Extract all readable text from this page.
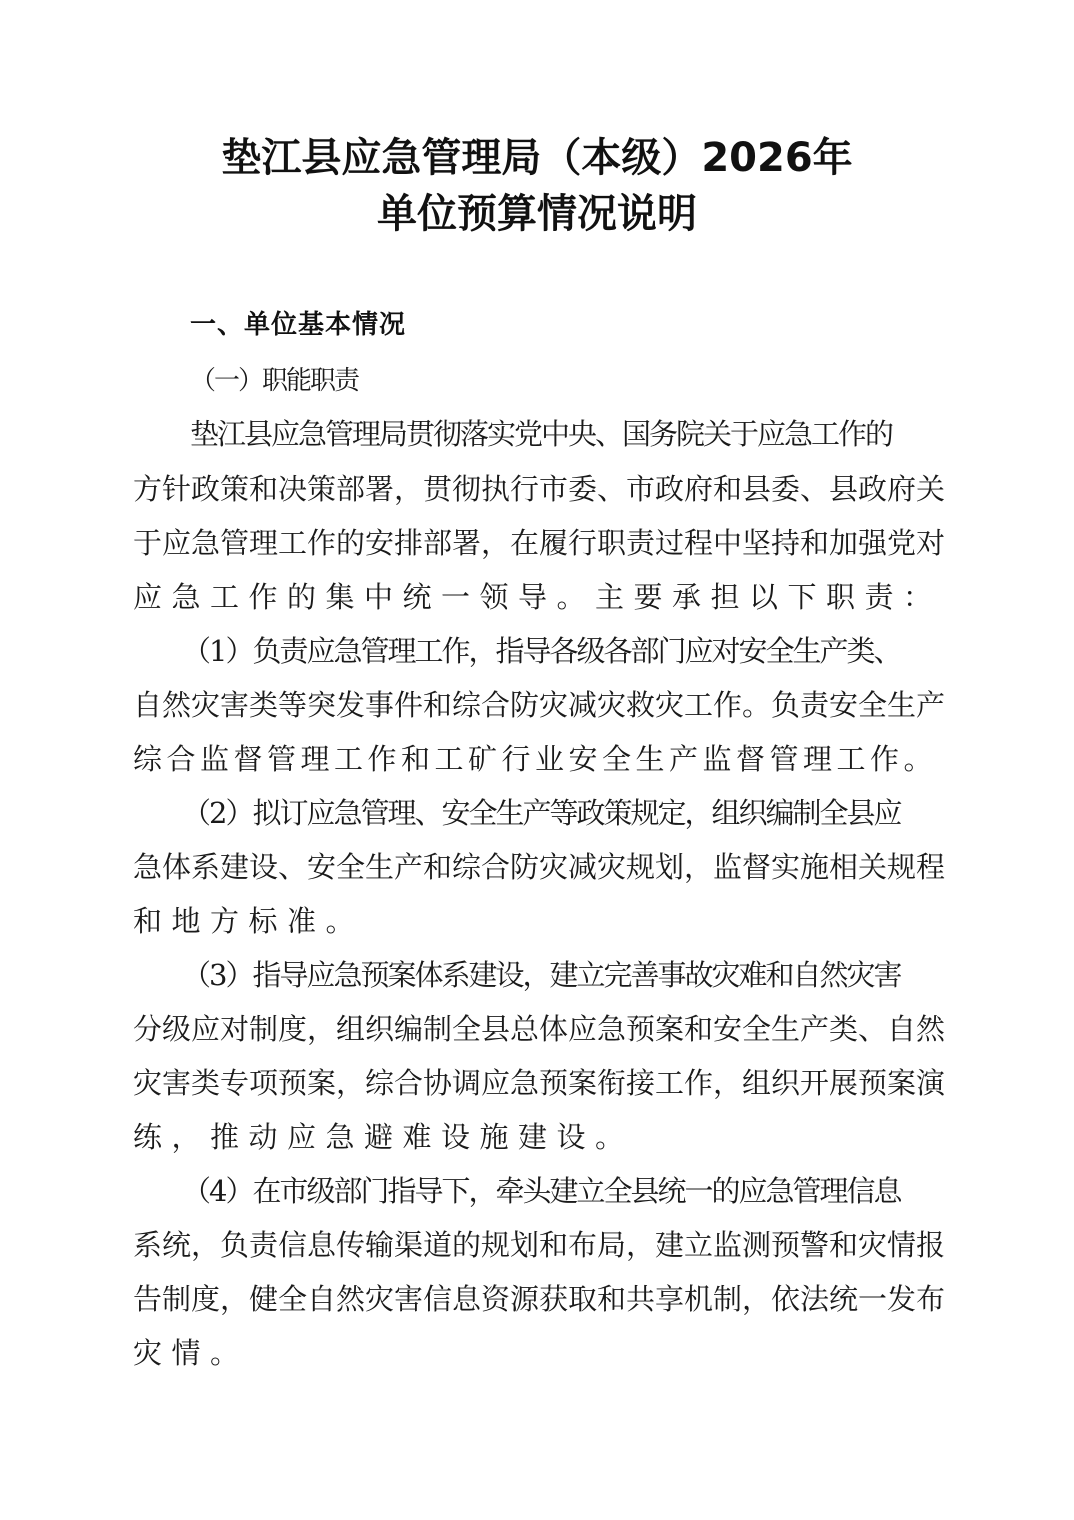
垫江县应急管理局（本级）2026年
单位预算情况说明
一、单位基本情况
（一）职能职责
垫江县应急管理局贯彻落实党中央、国务院关于应急工作的
方针政策和决策部署，贯彻执行市委、市政府和县委、县政府关
于应急管理工作的安排部署，在履行职责过程中坚持和加强党对
应急工作的集中统一领导。主要承担以下职责：
（1）负责应急管理工作，指导各级各部门应对安全生产类、
自然灾害类等突发事件和综合防灾减灾救灾工作。负责安全生产
综合监督管理工作和工矿行业安全生产监督管理工作。
（2）拟订应急管理、安全生产等政策规定，组织编制全县应
急体系建设、安全生产和综合防灾减灾规划，监督实施相关规程
和地方标准。
（3）指导应急预案体系建设，建立完善事故灾难和自然灾害
分级应对制度，组织编制全县总体应急预案和安全生产类、自然
灾害类专项预案，综合协调应急预案衔接工作，组织开展预案演
练，推动应急避难设施建设。
（4）在市级部门指导下，牵头建立全县统一的应急管理信息
系统，负责信息传输渠道的规划和布局，建立监测预警和灾情报
告制度，健全自然灾害信息资源获取和共享机制，依法统一发布
灾情。
